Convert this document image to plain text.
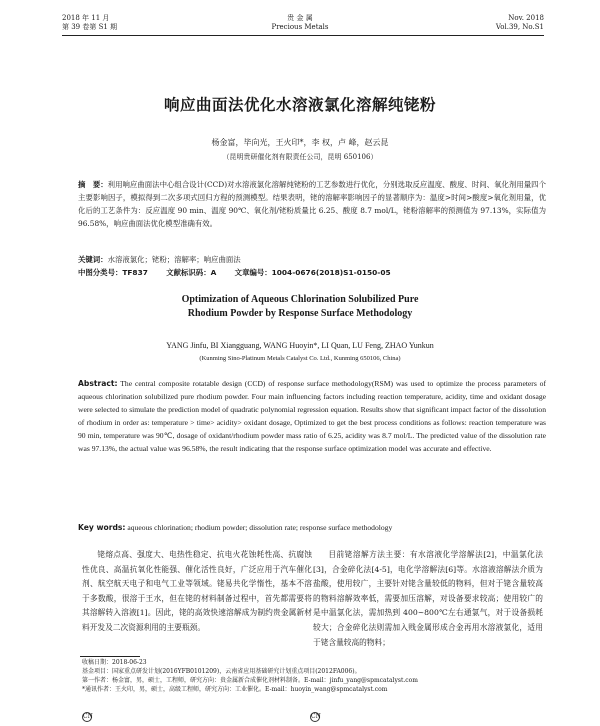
2018 年 11 月
第 39 卷第 S1 期
贵 金 属
Precious Metals
Nov. 2018
Vol.39, No.S1
响应曲面法优化水溶液氯化溶解纯铑粉
杨金富，毕向光，王火印*，李 权，卢 峰，赵云昆
（昆明贵研催化剂有限责任公司，昆明 650106）
摘　要：利用响应曲面法中心组合设计(CCD)对水溶液氯化溶解纯铑粉的工艺参数进行优化，分别选取反应温度、酸度、时间、氧化剂用量四个主要影响因子，模拟得到二次多项式回归方程的预测模型。结果表明，铑的溶解率影响因子的显著顺序为：温度>时间>酸度>氧化剂用量，优化后的工艺条件为：反应温度 90 min、温度 90℃、氧化剂/铑粉质量比 6.25、酸度 8.7 mol/L，铑粉溶解率的预测值为 97.13%，实际值为 96.58%，响应曲面法优化模型准确有效。
关键词：水溶液氯化；铑粉；溶解率；响应曲面法
中图分类号：TF837 文献标识码：A 文章编号：1004-0676(2018)S1-0150-05
Optimization of Aqueous Chlorination Solubilized Pure
Rhodium Powder by Response Surface Methodology
YANG Jinfu, BI Xiangguang, WANG Huoyin*, LI Quan, LU Feng, ZHAO Yunkun
(Kunming Sino-Platinum Metals Catalyst Co. Ltd., Kunming 650106, China)
Abstract: The central composite rotatable design (CCD) of response surface methodology(RSM) was used to optimize the process parameters of aqueous chlorination solubilized pure rhodium powder. Four main influencing factors including reaction temperature, acidity, time and oxidant dosage were selected to simulate the prediction model of quadratic polynomial regression equation. Results show that significant impact factor of the dissolution of rhodium in order as: temperature > time> acidity> oxidant dosage, Optimized to get the best process conditions as follows: reaction temperature was 90 min, temperature was 90℃, dosage of oxidant/rhodium powder mass ratio of 6.25, acidity was 8.7 mol/L. The predicted value of the dissolution rate was 97.13%, the actual value was 96.58%, the result indicating that the response surface optimization model was accurate and effective.
Key words: aqueous chlorination; rhodium powder; dissolution rate; response surface methodology
铑熔点高、强度大、电热性稳定、抗电火花蚀耗性高、抗腐蚀性优良、高温抗氧化性能强、催化活性良好，广泛应用于汽车催化剂、航空航天电子和电气工业等领域。铑易共化学惰性，基本不溶于多数酸，很溶于王水，但在铑的材料制备过程中，首先都需要将其溶解转入溶液[1]。因此，铑的高效快速溶解成为制约贵金属新材料开发及二次资源利用的主要瓶颈。
目前铑溶解方法主要：有水溶液化学溶解法[2]，中温氯化法[3]，合金碎化法[4-5]，电化学溶解法[6]等。水溶液溶解法介质为盐酸，使用较广，主要针对铑含量较低的物料，但对于铑含量较高的物料溶解效率低，需要加压溶解，对设备要求较高；使用较广的是中温氯化法，需加热到 400~800℃左右通氯气，对于设备损耗较大；合金碎化法则需加入贱金属形成合金再用水溶液氯化，适用于铑含量较高的物料；
收稿日期：2018-06-23
基金项目：国家重点研发计划(2016YFB0101209)，云南省应用基础研究计划重点项目(2012FA006)。
第一作者：杨金富，男，硕士，工程师，研究方向：贵金属新合成催化剂材料制备。E-mail：jinfu_yang@spmcatalyst.com
*通讯作者：王火印，男，硕士，高级工程师，研究方向：工业催化。E-mail：huoyin_wang@spmcatalyst.com
CN	CN
